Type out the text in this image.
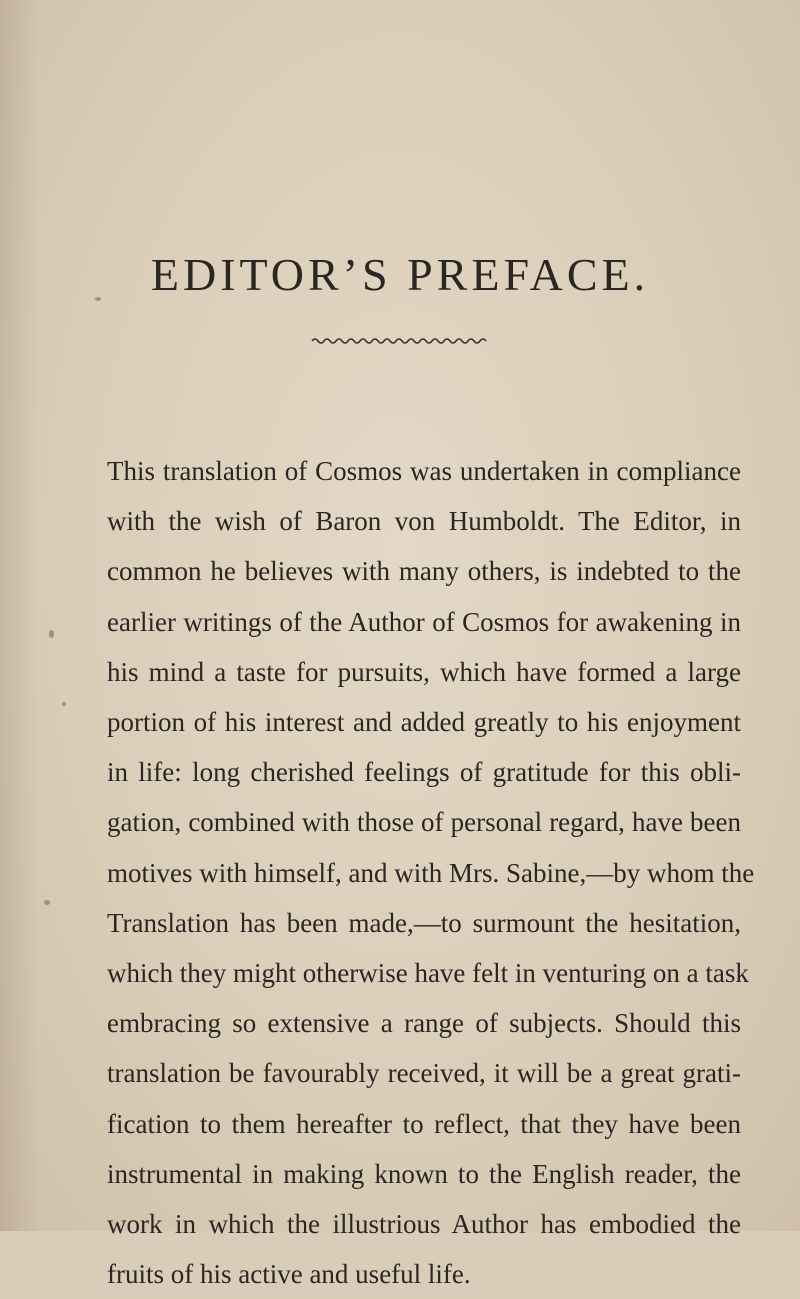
EDITOR’S PREFACE.
This translation of Cosmos was undertaken in compliance
with the wish of Baron von Humboldt. The Editor, in
common he believes with many others, is indebted to the
earlier writings of the Author of Cosmos for awakening in
his mind a taste for pursuits, which have formed a large
portion of his interest and added greatly to his enjoyment
in life: long cherished feelings of gratitude for this obli-
gation, combined with those of personal regard, have been
motives with himself, and with Mrs. Sabine,—by whom the
Translation has been made,—to surmount the hesitation,
which they might otherwise have felt in venturing on a task
embracing so extensive a range of subjects. Should this
translation be favourably received, it will be a great grati-
fication to them hereafter to reflect, that they have been
instrumental in making known to the English reader, the
work in which the illustrious Author has embodied the
fruits of his active and useful life.
